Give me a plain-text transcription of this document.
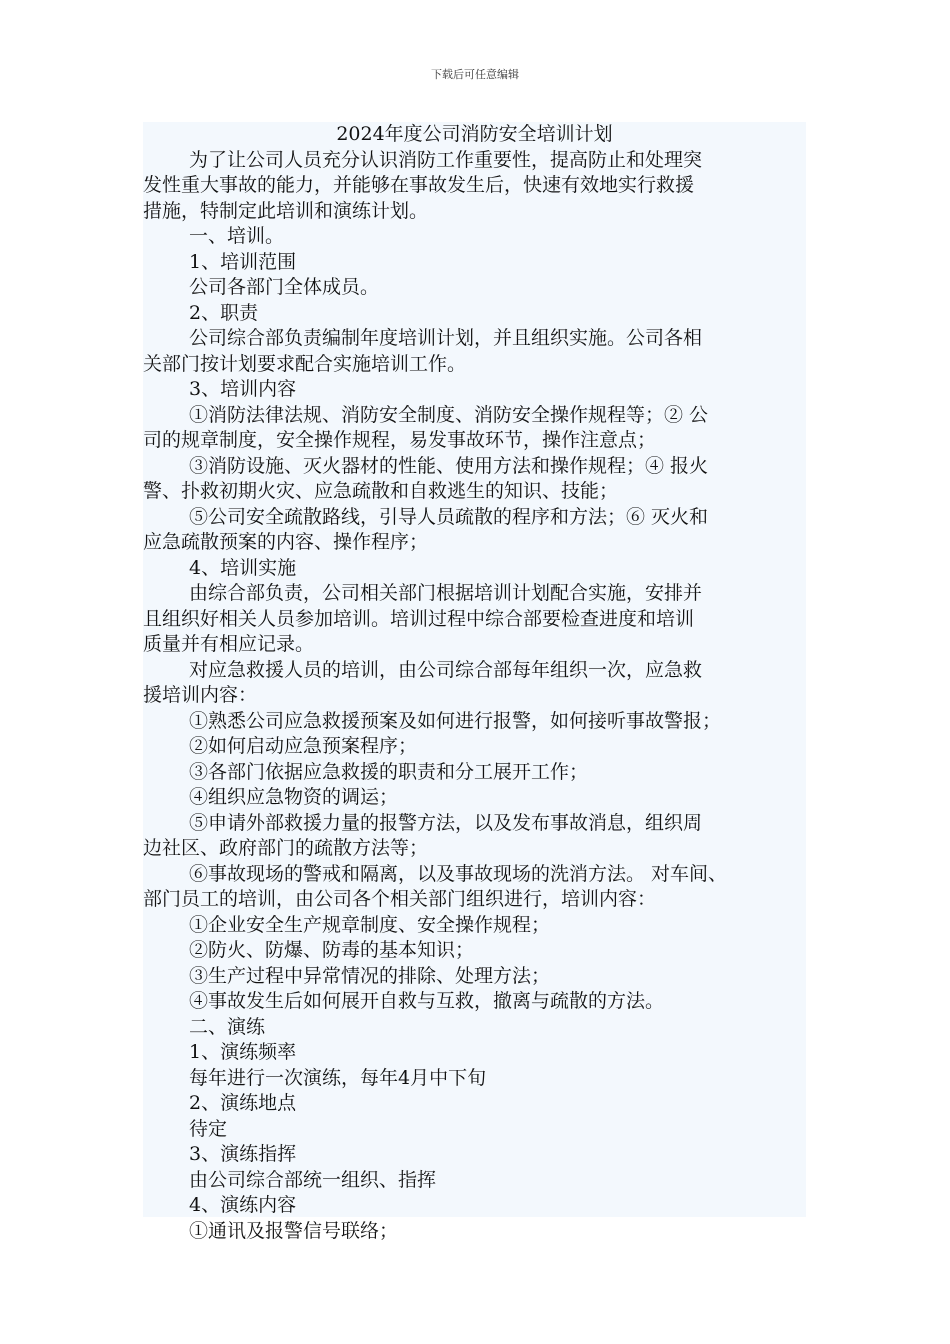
下载后可任意编辑
2024年度公司消防安全培训计划

为了让公司人员充分认识消防工作重要性，提高防止和处理突

发性重大事故的能力，并能够在事故发生后，快速有效地实行救援

措施，特制定此培训和演练计划。

一、培训。

1、培训范围

公司各部门全体成员。

2、职责

公司综合部负责编制年度培训计划，并且组织实施。公司各相

关部门按计划要求配合实施培训工作。

3、培训内容

①消防法律法规、消防安全制度、消防安全操作规程等；② 公

司的规章制度，安全操作规程，易发事故环节，操作注意点；

③消防设施、灭火器材的性能、使用方法和操作规程；④ 报火

警、扑救初期火灾、应急疏散和自救逃生的知识、技能；

⑤公司安全疏散路线，引导人员疏散的程序和方法；⑥ 灭火和

应急疏散预案的内容、操作程序；

4、培训实施

由综合部负责，公司相关部门根据培训计划配合实施，安排并

且组织好相关人员参加培训。培训过程中综合部要检查进度和培训

质量并有相应记录。

对应急救援人员的培训，由公司综合部每年组织一次，应急救

援培训内容：

①熟悉公司应急救援预案及如何进行报警，如何接听事故警报；

②如何启动应急预案程序；

③各部门依据应急救援的职责和分工展开工作；

④组织应急物资的调运；

⑤申请外部救援力量的报警方法，以及发布事故消息，组织周

边社区、政府部门的疏散方法等；

⑥事故现场的警戒和隔离，以及事故现场的洗消方法。 对车间、

部门员工的培训，由公司各个相关部门组织进行，培训内容：

①企业安全生产规章制度、安全操作规程；

②防火、防爆、防毒的基本知识；

③生产过程中异常情况的排除、处理方法；

④事故发生后如何展开自救与互救，撤离与疏散的方法。

二、演练

1、演练频率

每年进行一次演练，每年4月中下旬

2、演练地点

待定

3、演练指挥

由公司综合部统一组织、指挥

4、演练内容

①通讯及报警信号联络；
